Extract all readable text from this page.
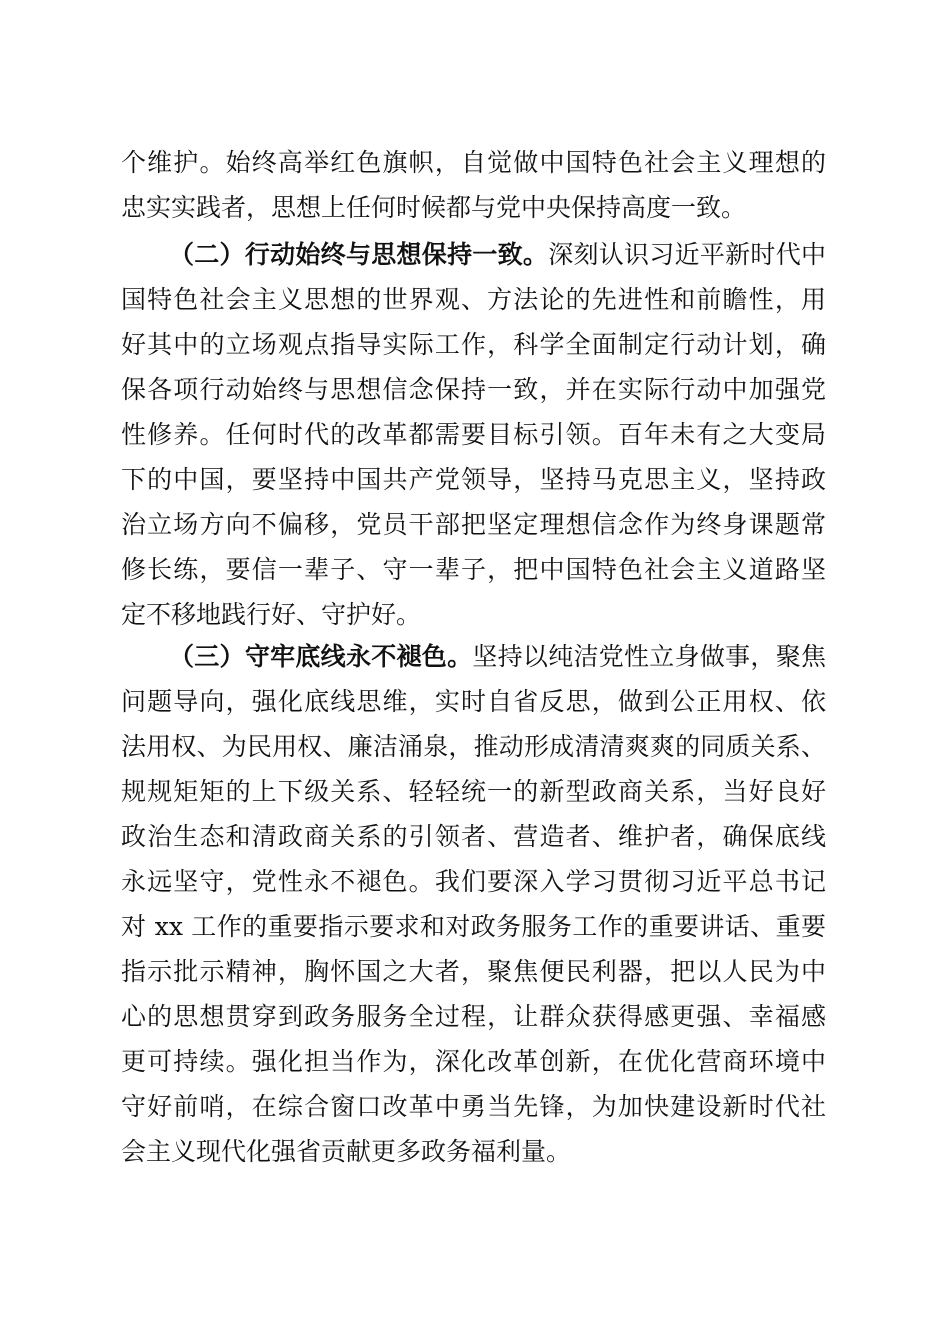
个维护。始终高举红色旗帜，自觉做中国特色社会主义理想的
忠实实践者，思想上任何时候都与党中央保持高度一致。
（二）行动始终与思想保持一致。深刻认识习近平新时代中
国特色社会主义思想的世界观、方法论的先进性和前瞻性，用
好其中的立场观点指导实际工作，科学全面制定行动计划，确
保各项行动始终与思想信念保持一致，并在实际行动中加强党
性修养。任何时代的改革都需要目标引领。百年未有之大变局
下的中国，要坚持中国共产党领导，坚持马克思主义，坚持政
治立场方向不偏移，党员干部把坚定理想信念作为终身课题常
修长练，要信一辈子、守一辈子，把中国特色社会主义道路坚
定不移地践行好、守护好。
（三）守牢底线永不褪色。坚持以纯洁党性立身做事，聚焦
问题导向，强化底线思维，实时自省反思，做到公正用权、依
法用权、为民用权、廉洁涌泉，推动形成清清爽爽的同质关系、
规规矩矩的上下级关系、轻轻统一的新型政商关系，当好良好
政治生态和清政商关系的引领者、营造者、维护者，确保底线
永远坚守，党性永不褪色。我们要深入学习贯彻习近平总书记
对 xx 工作的重要指示要求和对政务服务工作的重要讲话、重要
指示批示精神，胸怀国之大者，聚焦便民利器，把以人民为中
心的思想贯穿到政务服务全过程，让群众获得感更强、幸福感
更可持续。强化担当作为，深化改革创新，在优化营商环境中
守好前哨，在综合窗口改革中勇当先锋，为加快建设新时代社
会主义现代化强省贡献更多政务福利量。
